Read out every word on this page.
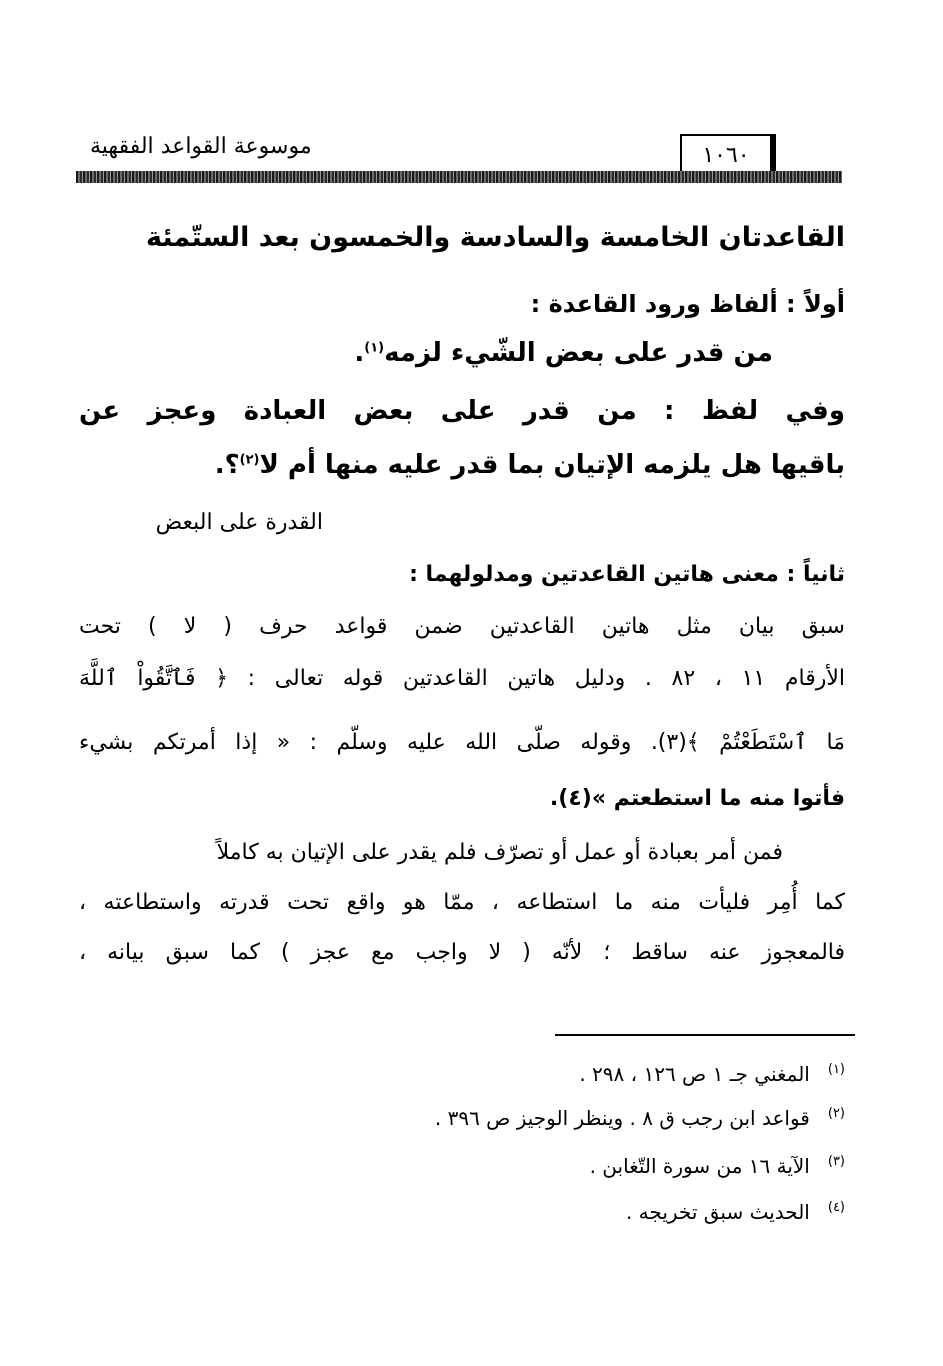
١٠٦٠
موسوعة القواعد الفقهية
القاعدتان الخامسة والسادسة والخمسون بعد الستّمئة
أولاً : ألفاظ ورود القاعدة :
من قدر على بعض الشّيء لزمه$^{(١)}$.
وفي لفظ : من قدر على بعض العبادة وعجز عن
باقيها هل يلزمه الإتيان بما قدر عليه منها أم لا$^{(٢)}$؟.
القدرة على البعض
ثانياً : معنى هاتين القاعدتين ومدلولهما :
سبق بيان مثل هاتين القاعدتين ضمن قواعد حرف ( لا ) تحت
الأرقام ١١ ، ٨٢ . ودليل هاتين القاعدتين قوله تعالى : ﴿ فَٱتَّقُواْ ٱللَّهَ
مَا ٱسْتَطَعْتُمْ ﴾(٣). وقوله صلّى الله عليه وسلّم : « إذا أمرتكم بشيء
فأتوا منه ما استطعتم »(٤).
فمن أمر بعبادة أو عمل أو تصرّف فلم يقدر على الإتيان به كاملاً
كما أُمِر فليأت منه ما استطاعه ، ممّا هو واقع تحت قدرته واستطاعته ،
فالمعجوز عنه ساقط ؛ لأنّه ( لا واجب مع عجز ) كما سبق بيانه ،
$^{(١)}$المغني جـ ١ ص ١٢٦ ، ٢٩٨ .
$^{(٢)}$قواعد ابن رجب ق ٨ . وينظر الوجيز ص ٣٩٦ .
$^{(٣)}$الآية ١٦ من سورة التّغابن .
$^{(٤)}$الحديث سبق تخريجه .
